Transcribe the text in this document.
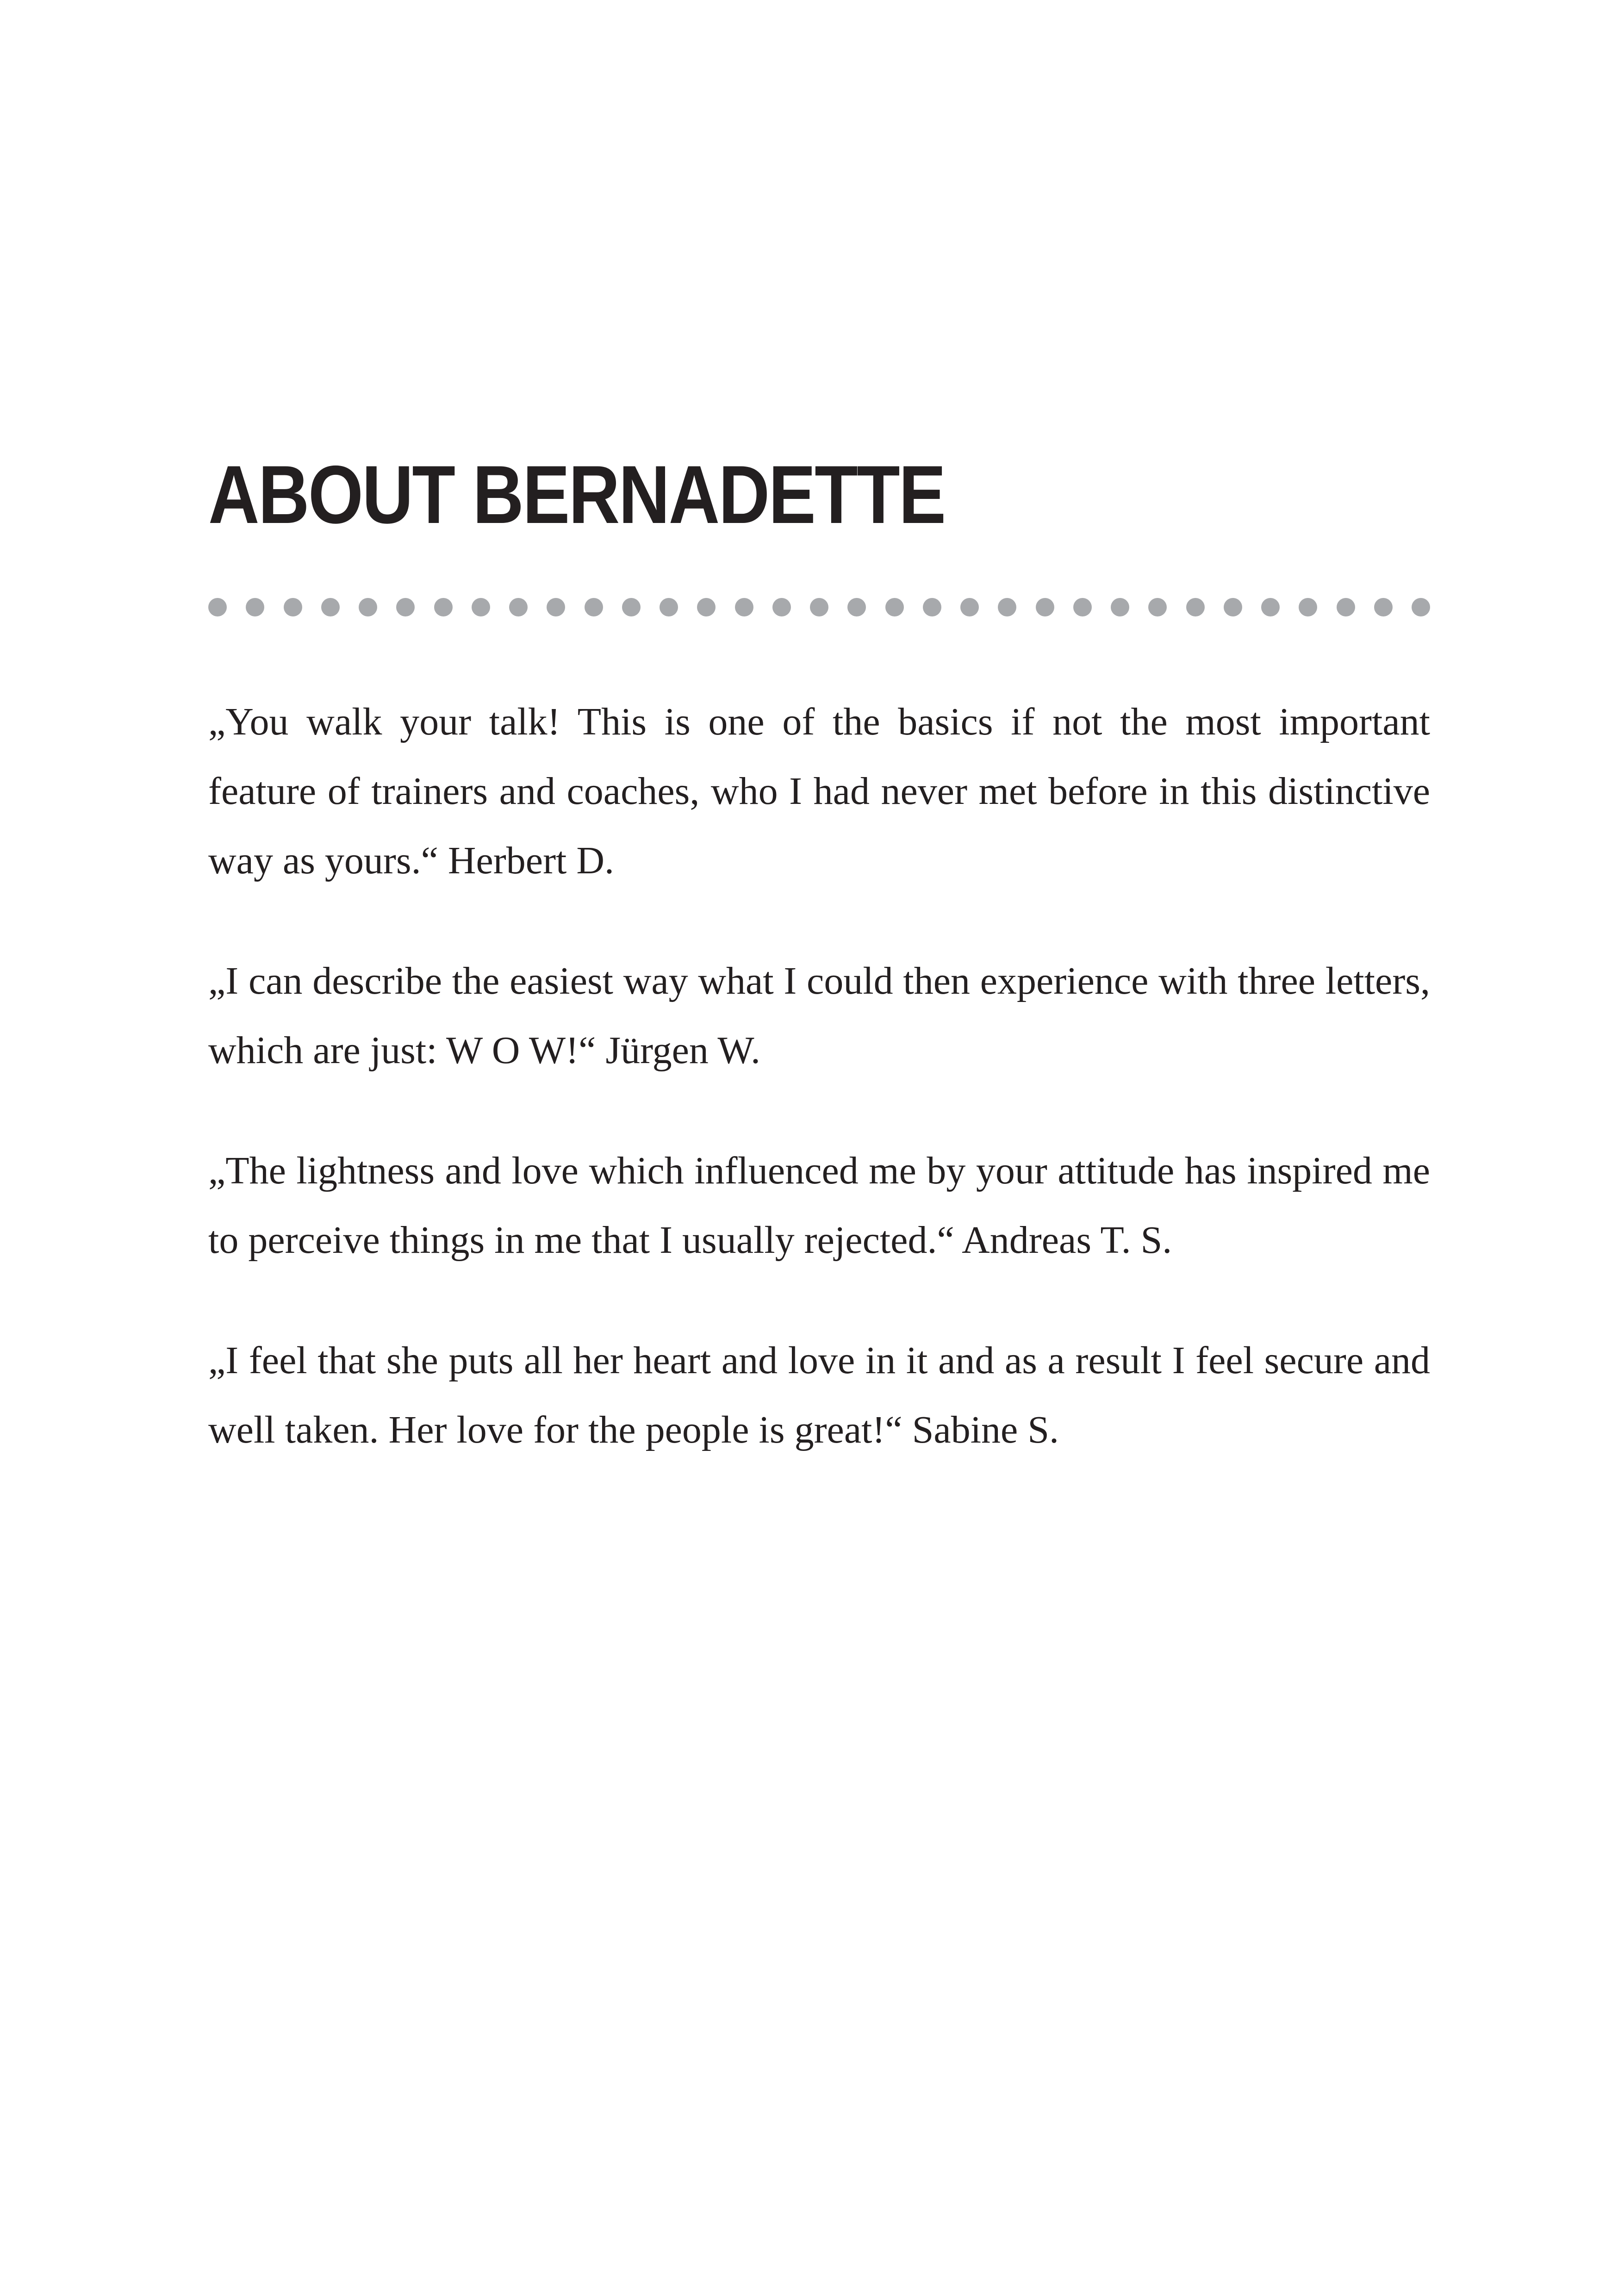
ABOUT BERNADETTE

„You walk your talk! This is one of the basics if not the most important feature of trainers and coaches, who I had never met before in this distinctive way as yours.“ Herbert D.

„I can describe the easiest way what I could then experience with three letters, which are just: W O W!“ Jürgen W.

„The lightness and love which influenced me by your attitude has inspired me to perceive things in me that I usually rejected.“ Andreas T. S.

„I feel that she puts all her heart and love in it and as a result I feel secure and well taken. Her love for the people is great!“ Sabine S.
